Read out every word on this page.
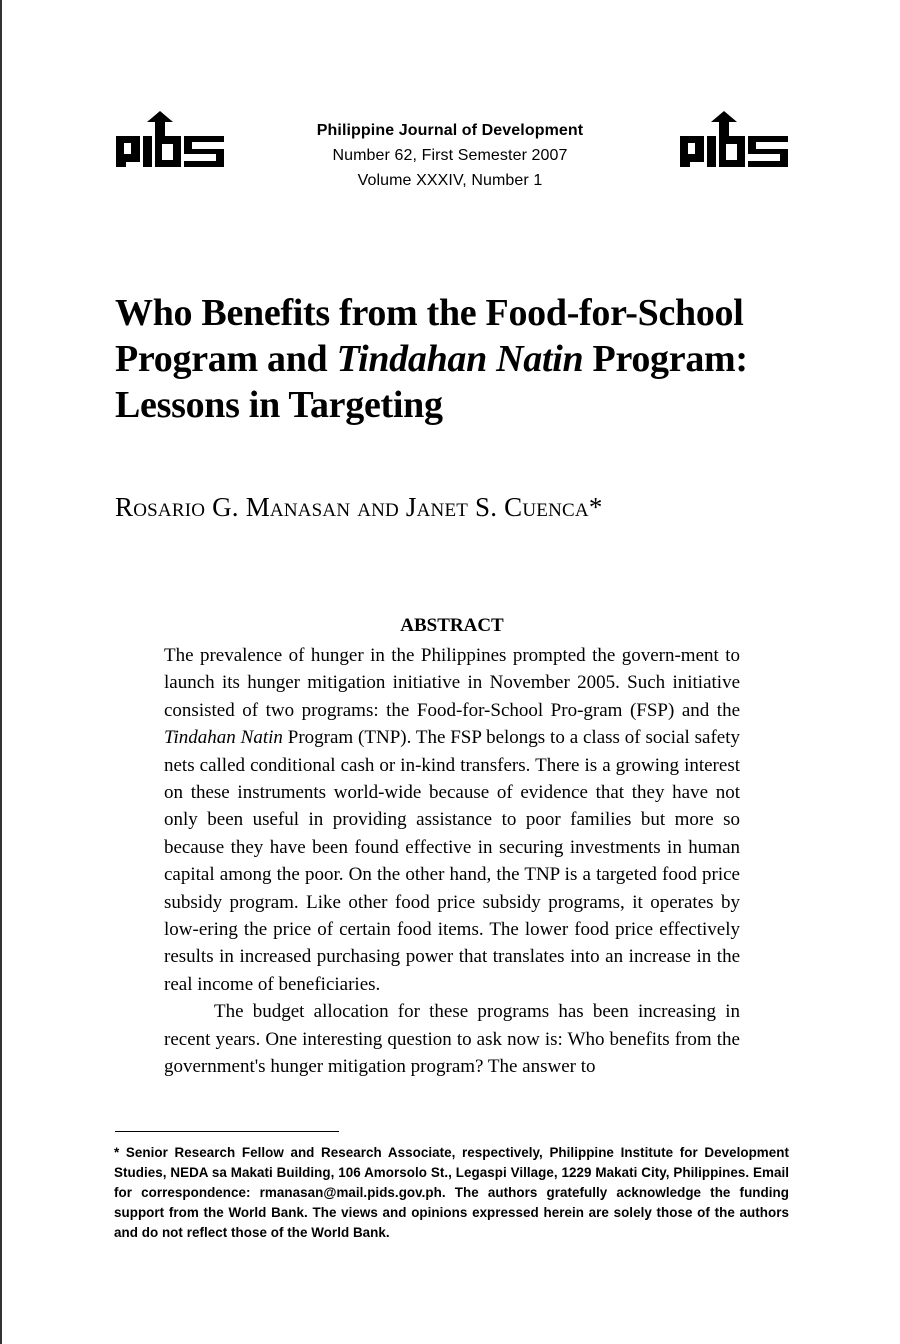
Philippine Journal of Development
Number 62, First Semester 2007
Volume XXXIV, Number 1
Who Benefits from the Food-for-School Program and Tindahan Natin Program: Lessons in Targeting
Rosario G. Manasan and Janet S. Cuenca*
ABSTRACT

The prevalence of hunger in the Philippines prompted the govern-ment to launch its hunger mitigation initiative in November 2005. Such initiative consisted of two programs: the Food-for-School Pro-gram (FSP) and the Tindahan Natin Program (TNP). The FSP belongs to a class of social safety nets called conditional cash or in-kind transfers. There is a growing interest on these instruments world-wide because of evidence that they have not only been useful in providing assistance to poor families but more so because they have been found effective in securing investments in human capital among the poor. On the other hand, the TNP is a targeted food price subsidy program. Like other food price subsidy programs, it operates by low-ering the price of certain food items. The lower food price effectively results in increased purchasing power that translates into an increase in the real income of beneficiaries.

The budget allocation for these programs has been increasing in recent years. One interesting question to ask now is: Who benefits from the government's hunger mitigation program? The answer to

* Senior Research Fellow and Research Associate, respectively, Philippine Institute for Development Studies, NEDA sa Makati Building, 106 Amorsolo St., Legaspi Village, 1229 Makati City, Philippines. Email for correspondence: rmanasan@mail.pids.gov.ph. The authors gratefully acknowledge the funding support from the World Bank. The views and opinions expressed herein are solely those of the authors and do not reflect those of the World Bank.
